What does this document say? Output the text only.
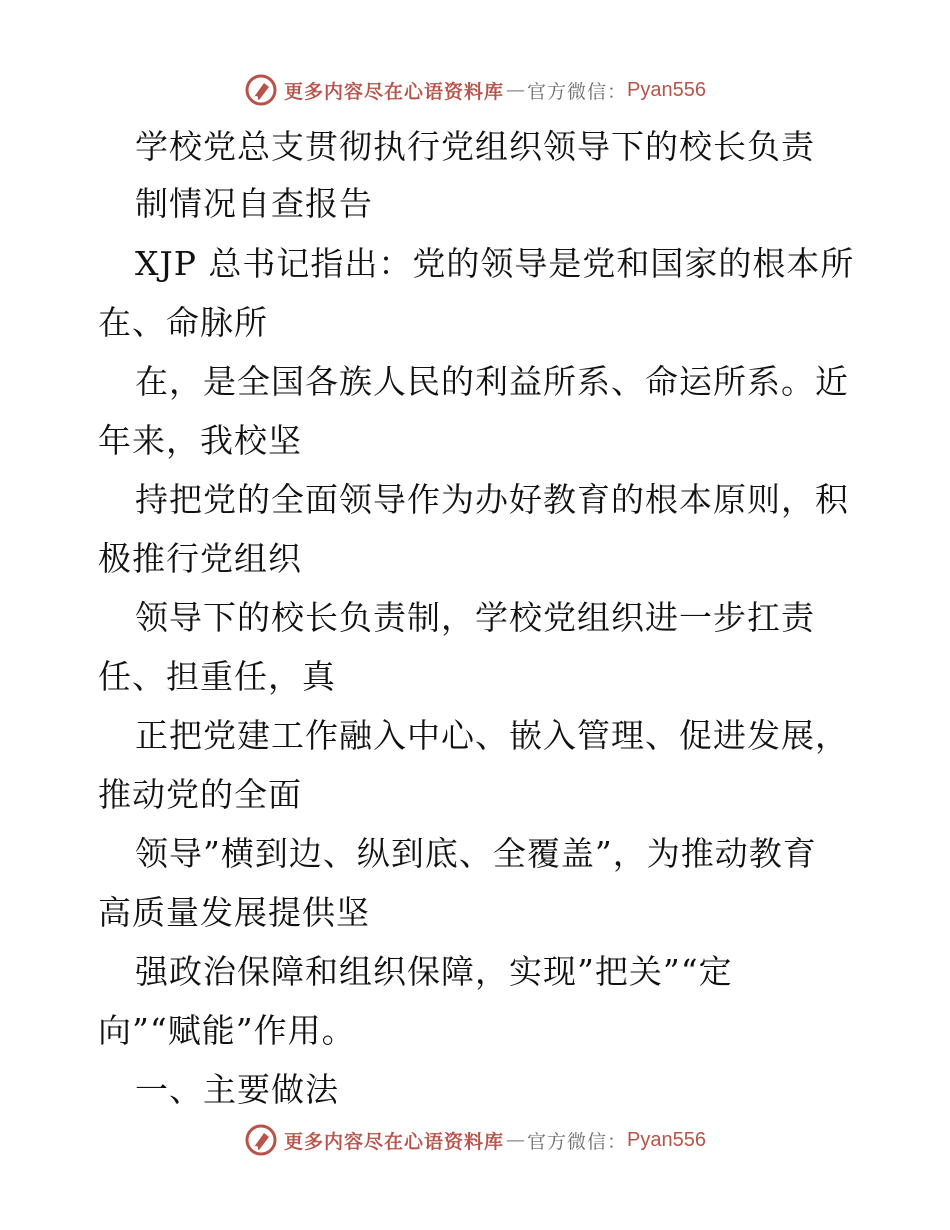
更多内容尽在心语资料库 — 官方微信： Pyan556
学校党总支贯彻执行党组织领导下的校长负责
制情况自查报告
XJP 总书记指出：党的领导是党和国家的根本所
在、命脉所
在，是全国各族人民的利益所系、命运所系。近
年来，我校坚
持把党的全面领导作为办好教育的根本原则，积
极推行党组织
领导下的校长负责制，学校党组织进一步扛责
任、担重任，真
正把党建工作融入中心、嵌入管理、促进发展，
推动党的全面
领导”横到边、纵到底、全覆盖”，为推动教育
高质量发展提供坚
强政治保障和组织保障，实现”把关”“定
向”“赋能”作用。
一、主要做法
更多内容尽在心语资料库 — 官方微信： Pyan556
